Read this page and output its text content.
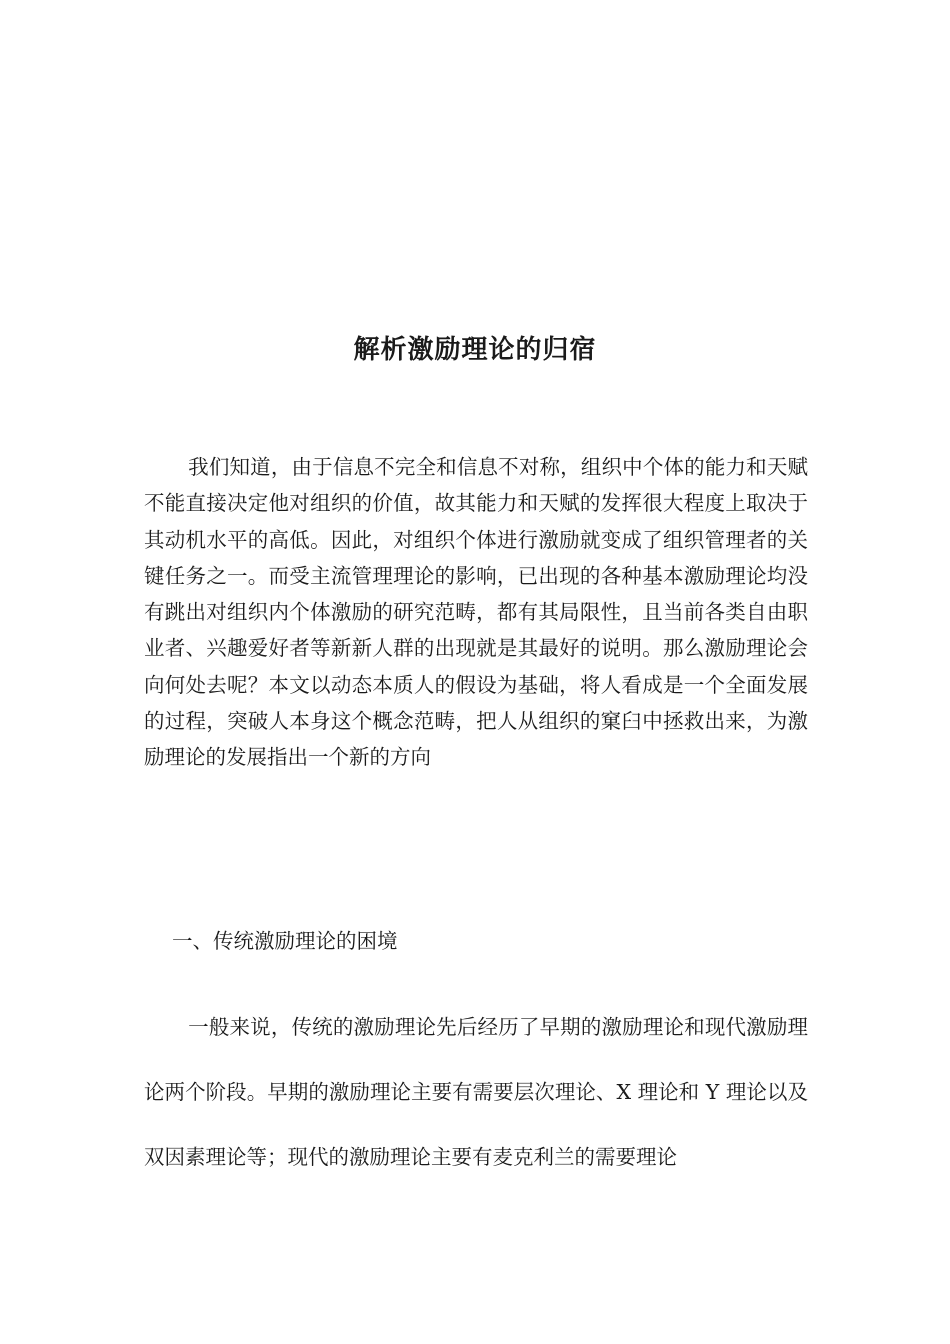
解析激励理论的归宿

我们知道，由于信息不完全和信息不对称，组织中个体的能力和天赋不能直接决定他对组织的价值，故其能力和天赋的发挥很大程度上取决于其动机水平的高低。因此，对组织个体进行激励就变成了组织管理者的关键任务之一。而受主流管理理论的影响，已出现的各种基本激励理论均没有跳出对组织内个体激励的研究范畴，都有其局限性，且当前各类自由职业者、兴趣爱好者等新新人群的出现就是其最好的说明。那么激励理论会向何处去呢？本文以动态本质人的假设为基础，将人看成是一个全面发展的过程，突破人本身这个概念范畴，把人从组织的窠臼中拯救出来，为激励理论的发展指出一个新的方向

一、传统激励理论的困境

一般来说，传统的激励理论先后经历了早期的激励理论和现代激励理论两个阶段。早期的激励理论主要有需要层次理论、X 理论和 Y 理论以及双因素理论等；现代的激励理论主要有麦克利兰的需要理论
